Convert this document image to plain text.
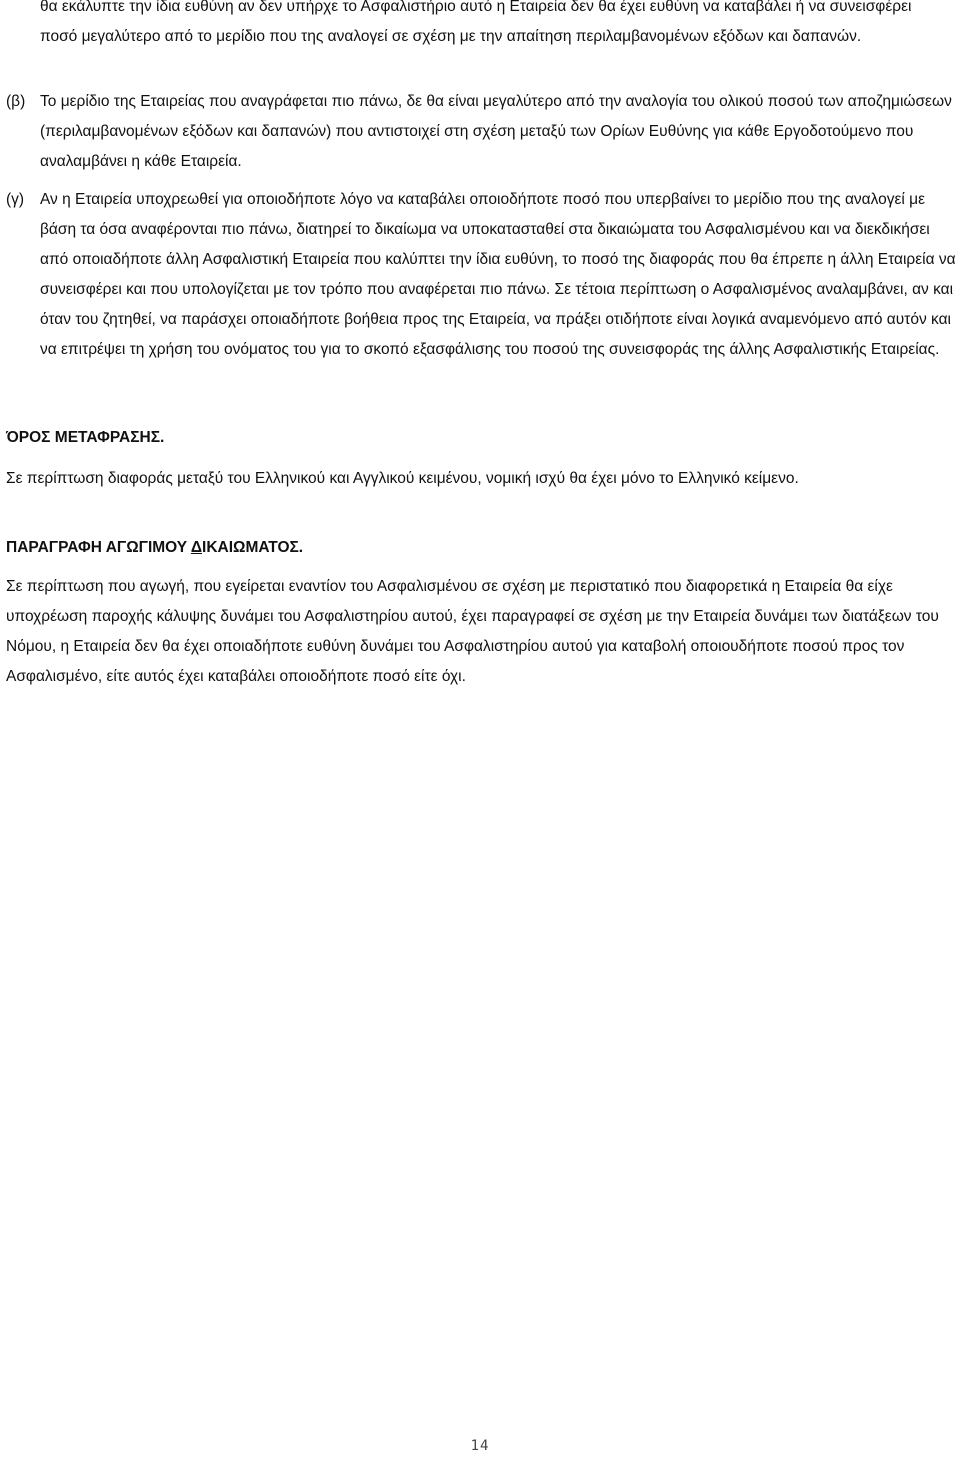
θα εκάλυπτε την ίδια ευθύνη αν δεν υπήρχε το Ασφαλιστήριο αυτό η Εταιρεία δεν θα έχει ευθύνη να καταβάλει ή να συνεισφέρει ποσό μεγαλύτερο από το μερίδιο που της αναλογεί σε σχέση με την απαίτηση περιλαμβανομένων εξόδων και δαπανών.

(β) Το μερίδιο της Εταιρείας που αναγράφεται πιο πάνω, δε θα είναι μεγαλύτερο από την αναλογία του ολικού ποσού των αποζημιώσεων (περιλαμβανομένων εξόδων και δαπανών) που αντιστοιχεί στη σχέση μεταξύ των Ορίων Ευθύνης για κάθε Εργοδοτούμενο που αναλαμβάνει η κάθε Εταιρεία.
(γ) Αν η Εταιρεία υποχρεωθεί για οποιοδήποτε λόγο να καταβάλει οποιοδήποτε ποσό που υπερβαίνει το μερίδιο που της αναλογεί με βάση τα όσα αναφέρονται πιο πάνω, διατηρεί το δικαίωμα να υποκατασταθεί στα δικαιώματα του Ασφαλισμένου και να διεκδικήσει από οποιαδήποτε άλλη Ασφαλιστική Εταιρεία που καλύπτει την ίδια ευθύνη, το ποσό της διαφοράς που θα έπρεπε η άλλη Εταιρεία να συνεισφέρει και που υπολογίζεται με τον τρόπο που αναφέρεται πιο πάνω. Σε τέτοια περίπτωση ο Ασφαλισμένος αναλαμβάνει, αν και όταν του ζητηθεί, να παράσχει οποιαδήποτε βοήθεια προς της Εταιρεία, να πράξει οτιδήποτε είναι λογικά αναμενόμενο από αυτόν και να επιτρέψει τη χρήση του ονόματος του για το σκοπό εξασφάλισης του ποσού της συνεισφοράς της άλλης Ασφαλιστικής Εταιρείας.
ΌΡΟΣ ΜΕΤΑΦΡΑΣΗΣ.

Σε περίπτωση διαφοράς μεταξύ του Ελληνικού και Αγγλικού κειμένου, νομική ισχύ θα έχει μόνο το Ελληνικό κείμενο.

ΠΑΡΑΓΡΑΦΗ ΑΓΩΓΙΜΟΥ ΔΙΚΑΙΩΜΑΤΟΣ.

Σε περίπτωση που αγωγή, που εγείρεται εναντίον του Ασφαλισμένου σε σχέση με περιστατικό που διαφορετικά η Εταιρεία θα είχε υποχρέωση παροχής κάλυψης δυνάμει του Ασφαλιστηρίου αυτού, έχει παραγραφεί σε σχέση με την Εταιρεία δυνάμει των διατάξεων του Νόμου, η Εταιρεία δεν θα έχει οποιαδήποτε ευθύνη δυνάμει του Ασφαλιστηρίου αυτού για καταβολή οποιουδήποτε ποσού προς τον Ασφαλισμένο, είτε αυτός έχει καταβάλει οποιοδήποτε ποσό είτε όχι.

14
